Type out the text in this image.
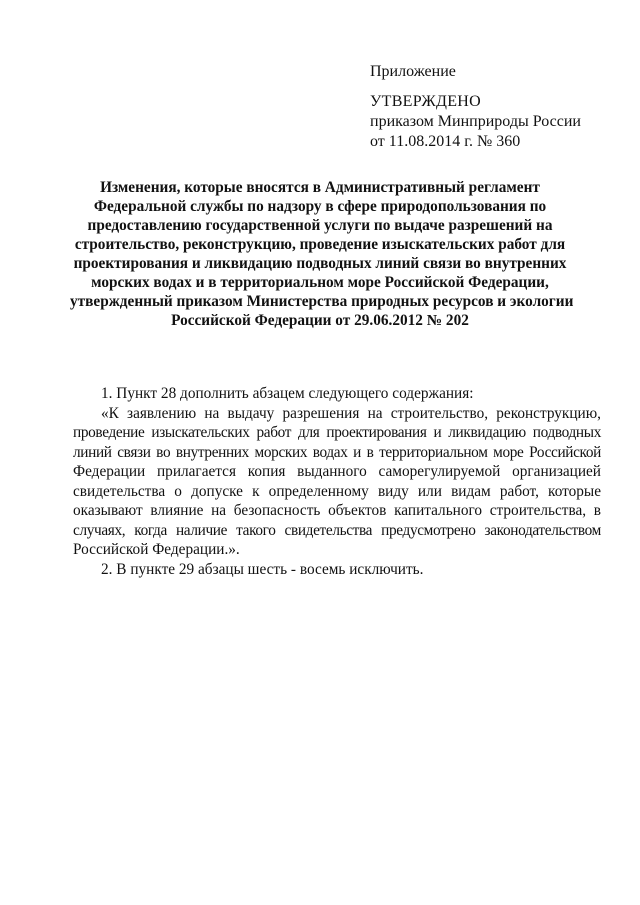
Приложение
УТВЕРЖДЕНО
приказом Минприроды России
от 11.08.2014 г. № 360
Изменения, которые вносятся в Административный регламент
Федеральной службы по надзору в сфере природопользования по
предоставлению государственной услуги по выдаче разрешений на
строительство, реконструкцию, проведение изыскательских работ для
проектирования и ликвидацию подводных линий связи во внутренних
морских водах и в территориальном море Российской Федерации,
утвержденный приказом Министерства природных ресурсов и экологии
Российской Федерации от 29.06.2012 № 202
1. Пункт 28 дополнить абзацем следующего содержания:
«К заявлению на выдачу разрешения на строительство, реконструкцию,
проведение изыскательских работ для проектирования и ликвидацию подводных
линий связи во внутренних морских водах и в территориальном море Российской
Федерации прилагается копия выданного саморегулируемой организацией
свидетельства о допуске к определенному виду или видам работ, которые
оказывают влияние на безопасность объектов капитального строительства, в
случаях, когда наличие такого свидетельства предусмотрено законодательством
Российской Федерации.».
2. В пункте 29 абзацы шесть - восемь исключить.
